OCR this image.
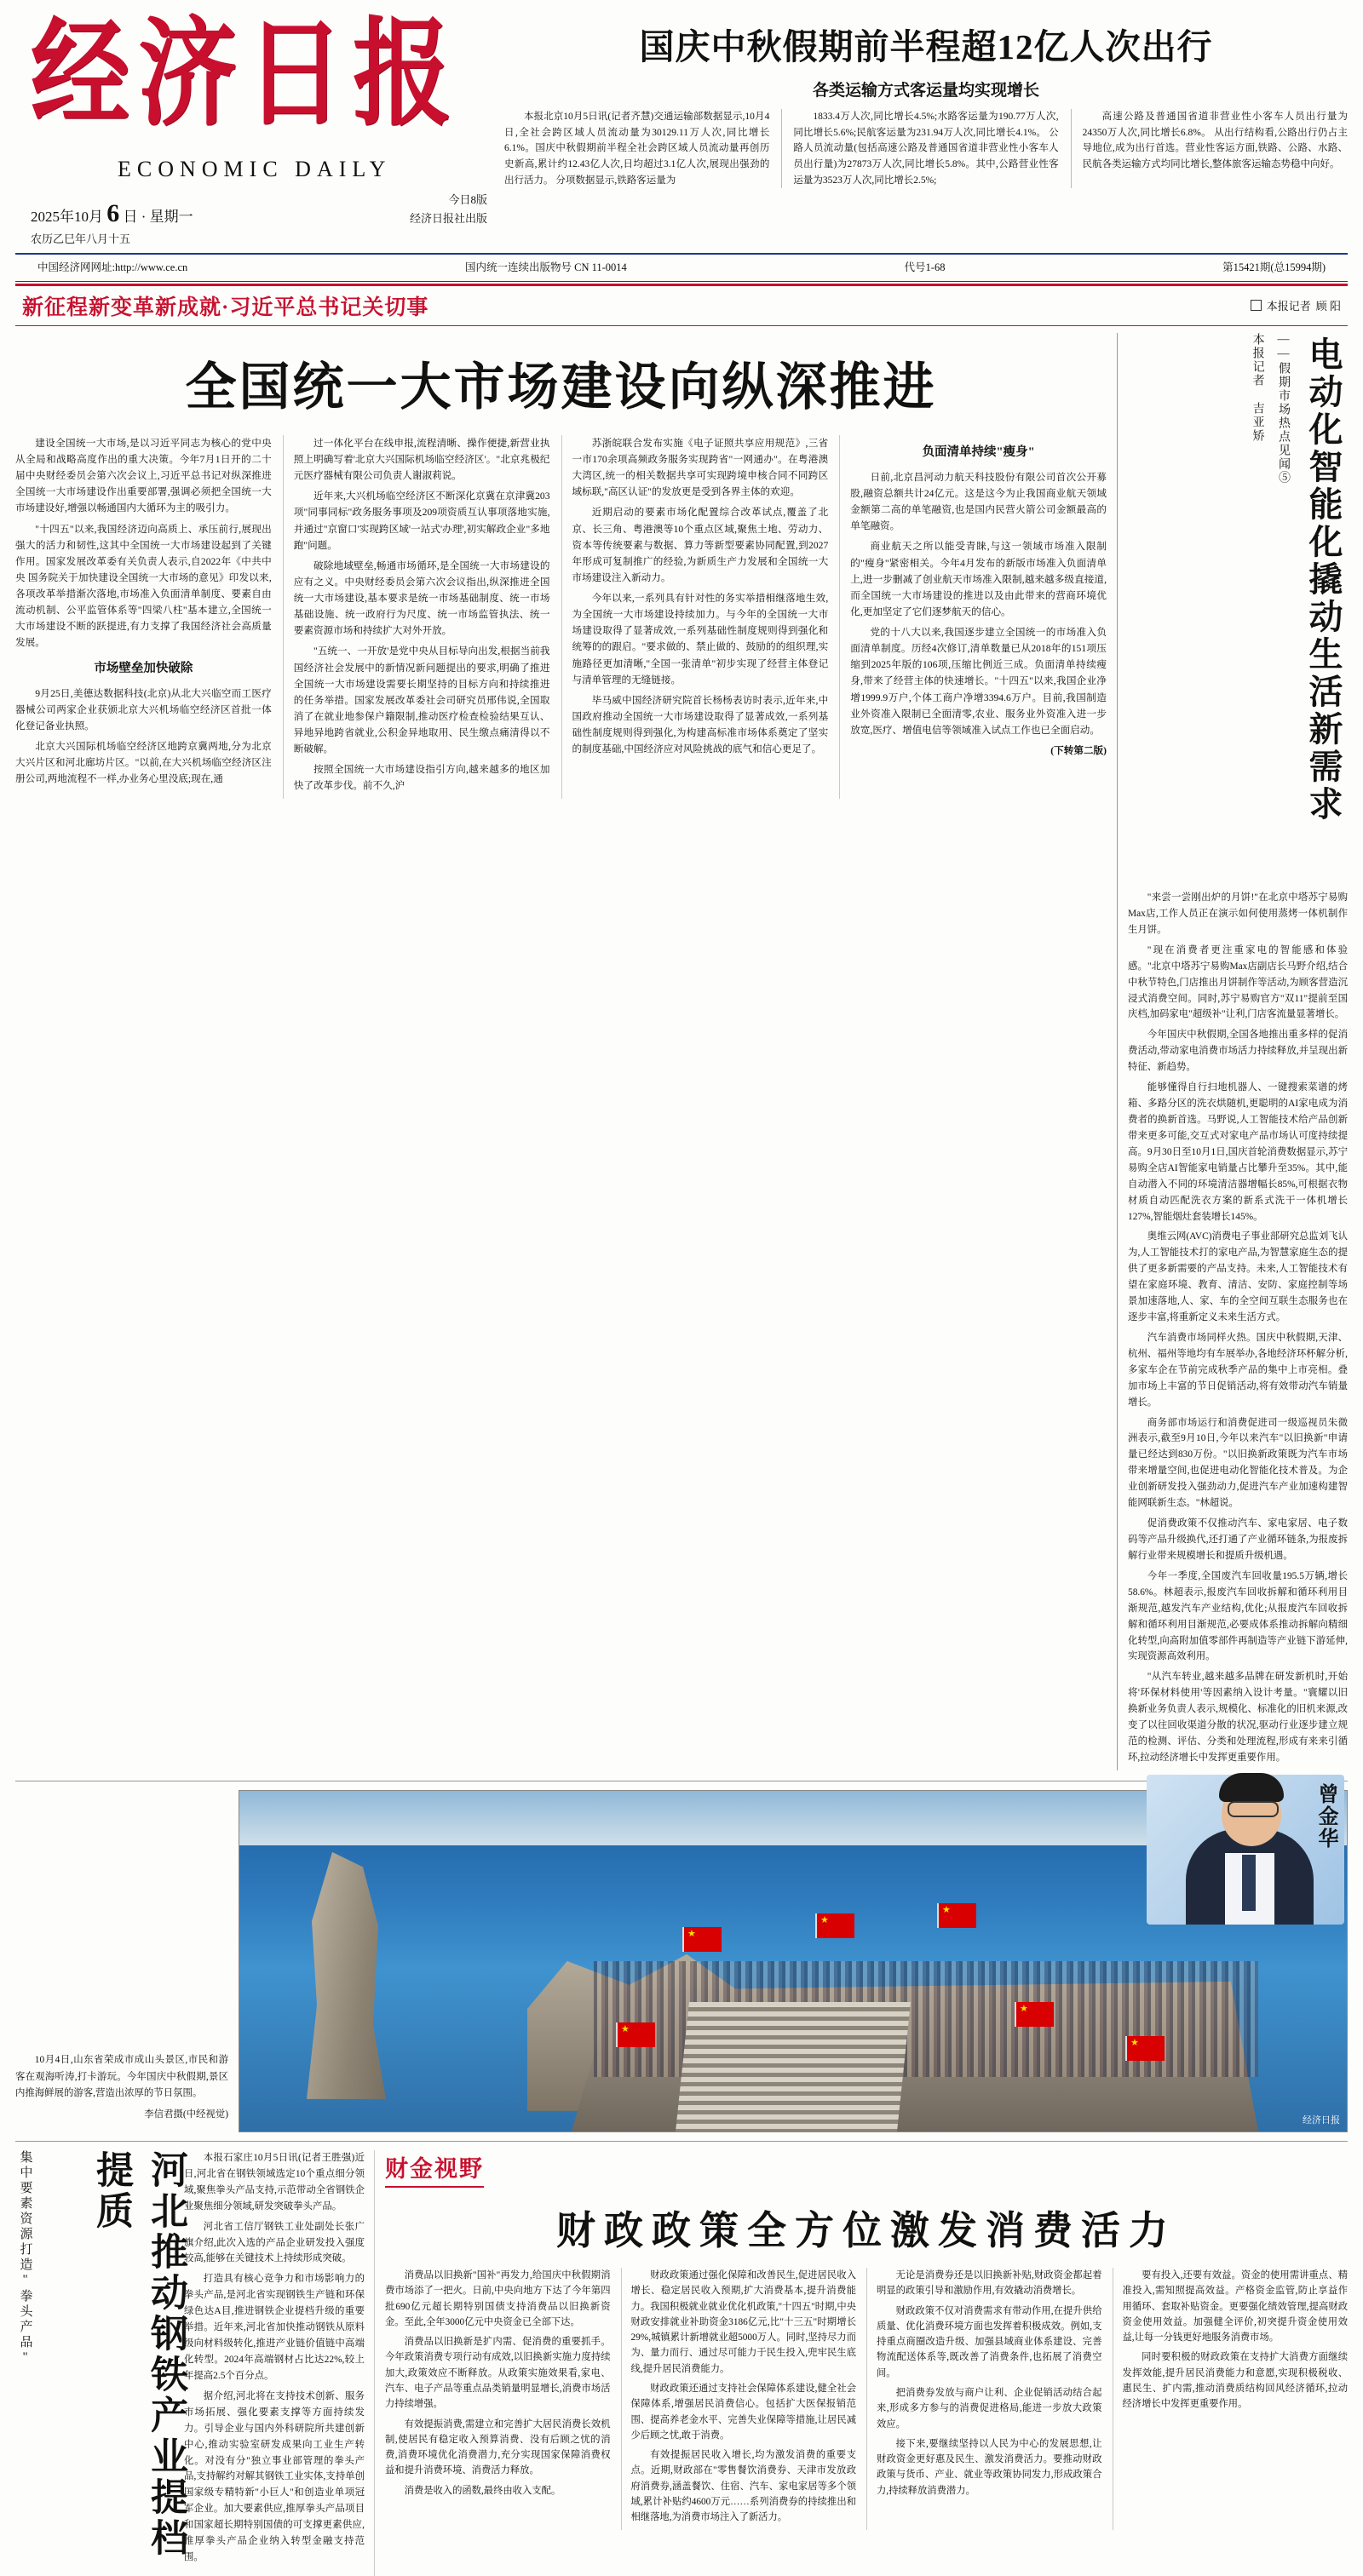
经济日报
ECONOMIC DAILY
2025年10月 6 日 · 星期一
今日8版
经济日报社出版
农历乙巳年八月十五
国庆中秋假期前半程超12亿人次出行
各类运输方式客运量均实现增长
本报北京10月5日讯(记者齐慧)交通运输部数据显示,10月4日,全社会跨区域人员流动量为30129.11万人次,同比增长6.1%。国庆中秋假期前半程全社会跨区域人员流动量再创历史新高,累计约12.43亿人次,日均超过3.1亿人次,展现出强劲的出行活力。 分项数据显示,铁路客运量为
1833.4万人次,同比增长4.5%;水路客运量为190.77万人次,同比增长5.6%;民航客运量为231.94万人次,同比增长4.1%。 公路人员流动量(包括高速公路及普通国省道非营业性小客车人员出行量)为27873万人次,同比增长5.8%。其中,公路营业性客运量为3523万人次,同比增长2.5%;
高速公路及普通国省道非营业性小客车人员出行量为24350万人次,同比增长6.8%。 从出行结构看,公路出行仍占主导地位,成为出行首选。营业性客运方面,铁路、公路、水路、民航各类运输方式均同比增长,整体旅客运输态势稳中向好。
中国经济网网址:http://www.ce.cn	国内统一连续出版物号 CN 11-0014	代号1-68	第15421期(总15994期)
新征程新变革新成就·习近平总书记关切事	本报记者 顾 阳
全国统一大市场建设向纵深推进

建设全国统一大市场,是以习近平同志为核心的党中央从全局和战略高度作出的重大决策。今年7月1日开的二十届中央财经委员会第六次会议上,习近平总书记对纵深推进全国统一大市场建设作出重要部署,强调必须把全国统一大市场建设好,增强以畅通国内大循环为主的吸引力。

"十四五"以来,我国经济迈向高质上、承压前行,展现出强大的活力和韧性,这其中全国统一大市场建设起到了关键作用。国家发展改革委有关负责人表示,自2022年《中共中央 国务院关于加快建设全国统一大市场的意见》印发以来,各项改革举措渐次落地,市场准入负面清单制度、要素自由流动机制、公平监管体系等"四梁八柱"基本建立,全国统一大市场建设不断的跃提进,有力支撑了我国经济社会高质量发展。

市场壁垒加快破除

9月25日,美德达数据科技(北京)从北大兴临空而工医疗器械公司两家企业获颁北京大兴机场临空经济区首批一体化登记备业执照。

北京大兴国际机场临空经济区地跨京冀两地,分为北京大兴片区和河北廊坊片区。"以前,在大兴机场临空经济区注册公司,两地流程不一样,办业务心里没底;现在,通

过一体化平台在线申报,流程清晰、操作便捷,新营业执照上明确写着'北京大兴国际机场临空经济区'。"北京兆极纪元医疗器械有限公司负责人谢淑莉说。

近年来,大兴机场临空经济区不断深化京冀在京津冀203项"同事同标"政务服务事项及209项资质互认事项落地实施,并通过"京窗口'实现跨区域'一站式'办理',初实解政企业"多地跑"问题。

破除地域壁垒,畅通市场循环,是全国统一大市场建设的应有之义。中央财经委员会第六次会议指出,纵深推进全国统一大市场建设,基本要求是统一市场基础制度、统一市场基础设施、统一政府行为尺度、统一市场监管执法、统一要素资源市场和持续扩大对外开放。

"五统一、一开放'是党中央从目标导向出发,根据当前我国经济社会发展中的新情况新问题提出的要求,明确了推进全国统一大市场建设需要长期坚持的目标方向和持续推进的任务举措。国家发展改革委社会司研究员邢伟说,全国取消了在就业地参保户籍限制,推动医疗检查检验结果互认、异地异地跨省就业,公积金异地取用、民生缴点痛清得以不断破解。

按照全国统一大市场建设指引方向,越来越多的地区加快了改革步伐。前不久,沪

苏浙皖联合发布实施《电子证照共享应用规范》,三省一市170余项高频政务服务实现跨省"一网通办"。在粤港澳大湾区,统一的相关数据共享可实现跨境申核合同不同跨区域标联,"高区认证"的发放更是受到各界主体的欢迎。

近期启动的要素市场化配置综合改革试点,覆盖了北京、长三角、粤港澳等10个重点区域,聚焦土地、劳动力、资本等传统要素与数据、算力等新型要素协同配置,到2027年形成可复制推广的经验,为新质生产力发展和全国统一大市场建设注入新动力。

今年以来,一系列具有针对性的务实举措相继落地生效,为全国统一大市场建设持续加力。与今年的全国统一大市场建设取得了显著成效,一系列基础性制度规则得到强化和统筹的的跟启。"要求做的、禁止做的、鼓励的的组织理,实施路径更加清晰,"全国一张清单"初步实现了经营主体登记与清单管理的无缝链接。

毕马威中国经济研究院首长杨杨表访时表示,近年来,中国政府推动全国统一大市场建设取得了显著成效,一系列基础性制度规则得到强化,为构建高标准市场体系奠定了坚实的制度基础,中国经济应对风险挑战的底气和信心更足了。

负面清单持续"瘦身"

日前,北京昌河动力航天科技股份有限公司首次公开募股,融资总额共计24亿元。这是这今为止我国商业航天领域金额第二高的单笔融资,也是国内民营火箭公司金额最高的单笔融资。

商业航天之所以能受青睐,与这一领域市场准入限制的"瘦身"紧密相关。今年4月发布的新版市场准入负面清单上,进一步删减了创业航天市场准入限制,越来越多级直接道,而全国统一大市场建设的推进以及由此带来的营商环境优化,更加坚定了它们逐梦航天的信心。

党的十八大以来,我国逐步建立全国统一的市场准入负面清单制度。历经4次修订,清单数量已从2018年的151项压缩到2025年版的106项,压缩比例近三成。负面清单持续瘦身,带来了经营主体的快速增长。"十四五"以来,我国企业净增1999.9万户,个体工商户净增3394.6万户。目前,我国制造业外资准入限制已全面清零,农业、服务业外资准入进一步放宽,医疗、增值电信等领域准入试点工作也已全面启动。

(下转第二版)	电动化智能化撬动生活新需求
——假期市场热点见闻⑤
本报记者 吉亚矫

"来尝一尝刚出炉的月饼!"在北京中塔苏宁易购Max店,工作人员正在演示如何使用蒸烤一体机制作生月饼。

"现在消费者更注重家电的智能感和体验感。"北京中塔苏宁易购Max店副店长马野介绍,结合中秋节特色,门店推出月饼制作等活动,为顾客营造沉浸式消费空间。同时,苏宁易购官方"双11"提前至国庆档,加码家电"超级补"让利,门店客流量显著增长。

今年国庆中秋假期,全国各地推出重多样的促消费活动,带动家电消费市场活力持续释放,并呈现出新特征、新趋势。

能够懂得自行扫地机器人、一键搜索菜谱的烤箱、多路分区的洗衣烘随机,更聪明的AI家电成为消费者的换新首选。马野说,人工智能技术给产品创新带来更多可能,交互式对家电产品市场认可度持续提高。9月30日至10月1日,国庆首轮消费数据显示,苏宁易购全店AI智能家电销量占比攀升至35%。其中,能自动潜入不同的环境清洁器增幅长85%,可根据衣物材质自动匹配洗衣方案的新系式洗干一体机增长127%,智能烟灶套装增长145%。

奥维云网(AVC)消费电子事业部研究总监刘飞认为,人工智能技术打的家电产品,为智慧家庭生态的提供了更多新需要的产品支持。未来,人工智能技术有望在家庭环境、教育、清洁、安防、家庭控制等场景加速落地,人、家、车的全空间互联生态服务也在逐步丰富,将重新定义未来生活方式。

汽车消费市场同样火热。国庆中秋假期,天津、杭州、福州等地均有车展举办,各地经济环杯解分析,多家车企在节前完成秋季产品的集中上市亮相。叠加市场上丰富的节日促销活动,将有效带动汽车销量增长。

商务部市场运行和消费促进司一级巡视员朱微洲表示,截至9月10日,今年以来汽车"以旧换新"申请量已经达到830万份。"以旧换新政策既为汽车市场带来增量空间,也促进电动化智能化技术普及。为企业创新研发投入强劲动力,促进汽车产业加速构建智能网联新生态。"林超说。

促消费政策不仅推动汽车、家电家居、电子数码等产品升级换代,还打通了产业循环链条,为报废拆解行业带来规模增长和提质升级机遇。

今年一季度,全国废汽车回收量195.5万辆,增长58.6%。林超表示,报废汽车回收拆解和循环利用目渐规范,越发汽车产业结构,优化;从报废汽车回收拆解和循环利用目渐规范,必要成体系推动拆解向精细化转型,向高附加值零部件再制造等产业链下游延伸,实现资源高效利用。

"从汽车转业,越来越多品牌在研发新机时,开始将'环保材料使用'等因素纳入设计考量。"寰耀以旧换新业务负责人表示,规模化、标准化的旧机来源,改变了以往回收渠道分散的状况,驱动行业逐步建立规范的检测、评估、分类和处理流程,形成有来来引循环,拉动经济增长中发挥更重要作用。

10月4日,山东省荣成市成山头景区,市民和游客在观海听涛,打卡游玩。今年国庆中秋假期,景区内推海鲜展的游客,营造出浓厚的节日氛围。

李信君摄(中经视觉)

★
★
★
★
★
★
经济日报
集中要素资源打造"拳头产品"	河北推动钢铁产业提档提质	本报石家庄10月5日讯(记者王胜强)近日,河北省在钢铁领域选定10个重点细分领域,聚焦拳头产品支持,示范带动全省钢铁企业聚焦细分领域,研发突破拳头产品。

河北省工信厅钢铁工业处副处长张广旗介绍,此次入选的产品企业研发投入强度较高,能够在关键技术上持续形成突破。

打造具有核心竞争力和市场影响力的拳头产品,是河北省实现钢铁生产链和环保绿色达A目,推进钢铁企业提档升级的重要举措。近年来,河北省加快推动钢铁从原料级向材料级转化,推进产业链价值链中高端化转型。2024年高端钢材占比达22%,较上年提高2.5个百分点。

据介绍,河北将在支持技术创新、服务市场拓展、强化要素支撑等方面持续发力。引导企业与国内外科研院所共建创新中心,推动实验室研发成果向工业生产转化。对没有分"独立事业部管理的拳头产品,支持解约对解其钢铁工业实体,支持单创国家级专精特新"小巨人"和创造业单项冠军企业。加大要素供应,推厚拳头产品项目和国家超长期特别国债的可支撑更素供应,推厚拳头产品企业纳入转型金融支持范围。

财金视野
财政政策全方位激发消费活力

消费品以旧换新"国补"再发力,给国庆中秋假期消费市场添了一把火。日前,中央向地方下达了今年第四批690亿元超长期特别国债支持消费品以旧换新资金。至此,全年3000亿元中央资金已全部下达。

消费品以旧换新是扩内需、促消费的重要抓手。今年政策消费专项行动有成效,以旧换新实施力度持续加大,政策效应不断释放。从政策实施效果看,家电、汽车、电子产品等重点品类销量明显增长,消费市场活力持续增强。

有效提振消费,需建立和完善扩大居民消费长效机制,使居民有稳定收入预算消费、没有后顾之忧的消费,消费环境优化消费潜力,充分实现国家保障消费权益和提升消费环境、消费活力释放。

消费是收入的函数,最终由收入支配。

财政政策通过强化保障和改善民生,促进居民收入增长、稳定居民收入预期,扩大消费基本,提升消费能力。我国积极就业就业优化机政策,"十四五"时期,中央财政安排就业补助资金3186亿元,比"十三五"时期增长29%,城镇累计新增就业超5000万人。同时,坚持尽力而为、量力而行、通过尽可能力于民生投入,兜牢民生底线,提升居民消费能力。

财政政策还通过支持社会保障体系建设,健全社会保障体系,增强居民消费信心。包括扩大医保报销范围、提高养老金水平、完善失业保障等措施,让居民减少后顾之忧,敢于消费。

有效提振居民收入增长,均为激发消费的重要支点。近期,财政部在"零售餐饮消费券、天津市发放政府消费券,涵盖餐饮、住宿、汽车、家电家居等多个领域,累计补贴约4600万元……系列消费券的持续推出和相继落地,为消费市场注入了新活力。

无论是消费券还是以旧换新补贴,财政资金都起着明显的政策引导和激励作用,有效撬动消费增长。

财政政策不仅对消费需求有带动作用,在提升供给质量、优化消费环境方面也发挥着积极成效。例如,支持重点商圈改造升级、加强县域商业体系建设、完善物流配送体系等,既改善了消费条件,也拓展了消费空间。

把消费券发放与商户让利、企业促销活动结合起来,形成多方参与的消费促进格局,能进一步放大政策效应。

接下来,要继续坚持以人民为中心的发展思想,让财政资金更好惠及民生、激发消费活力。要推动财政政策与货币、产业、就业等政策协同发力,形成政策合力,持续释放消费潜力。

要有投入,还要有效益。资金的使用需讲重点、精准投入,需知照提高效益。产格资金监管,防止享益作用循环、套取补贴资金。更要强化绩效管理,提高财政资金使用效益。加强健全评价,初突提升资金使用效益,让每一分钱更好地服务消费市场。

同时要积极的财政政策在支持扩大消费方面继续发挥效能,提升居民消费能力和意愿,实现积极税收、惠民生、扩内需,推动消费质结构回风经济循环,拉动经济增长中发挥更重要作用。

曾金华
